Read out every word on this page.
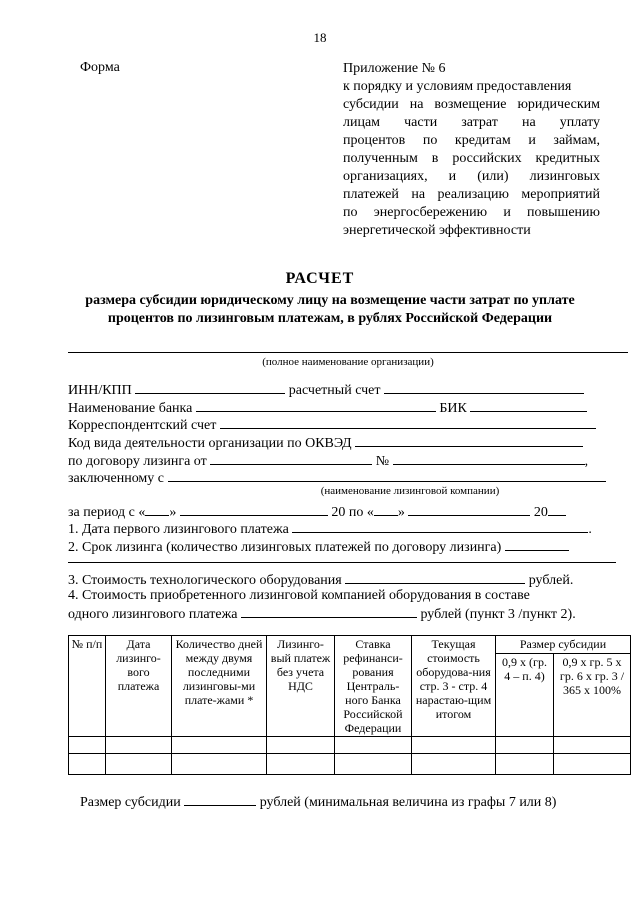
18
Форма	Приложение № 6
к порядку и условиям предоставления
субсидии на возмещение юридическим
лицам части затрат на уплату
процентов по кредитам и займам,
полученным в российских кредитных
организациях, и (или) лизинговых
платежей на реализацию мероприятий
по энергосбережению и повышению
энергетической эффективности
РАСЧЕТ
размера субсидии юридическому лицу на возмещение части затрат по уплате
процентов по лизинговым платежам, в рублях Российской Федерации
(полное наименование организации)
ИНН/КПП	расчетный счет
Наименование банка	БИК
Корреспондентский счет
Код вида деятельности организации по ОКВЭД
по договору лизинга от	№	,
заключенному с
(наименование лизинговой компании)
за период с « »	20 по « »	20
1. Дата первого лизингового платежа	.
2. Срок лизинга (количество лизинговых платежей по договору лизинга)
3. Стоимость технологического оборудования	рублей.
4. Стоимость приобретенного лизинговой компанией оборудования в составе
одного лизингового платежа	рублей (пункт 3 /пункт 2).
№ п/п	Дата лизинго-вого платежа	Количество дней между двумя последними лизинговы-ми плате-жами *	Лизинго-вый платеж без учета НДС	Ставка рефинанси-рования Централь-ного Банка Российской Федерации	Текущая стоимость оборудова-ния стр. 3 - стр. 4 нарастаю-щим итогом	Размер субсидии	
						0,9 х (гр. 4 – п. 4)	0,9 х гр. 5 х гр. 6 х гр. 3 / 365 х 100%

Размер субсидии	рублей (минимальная величина из графы 7 или 8)
